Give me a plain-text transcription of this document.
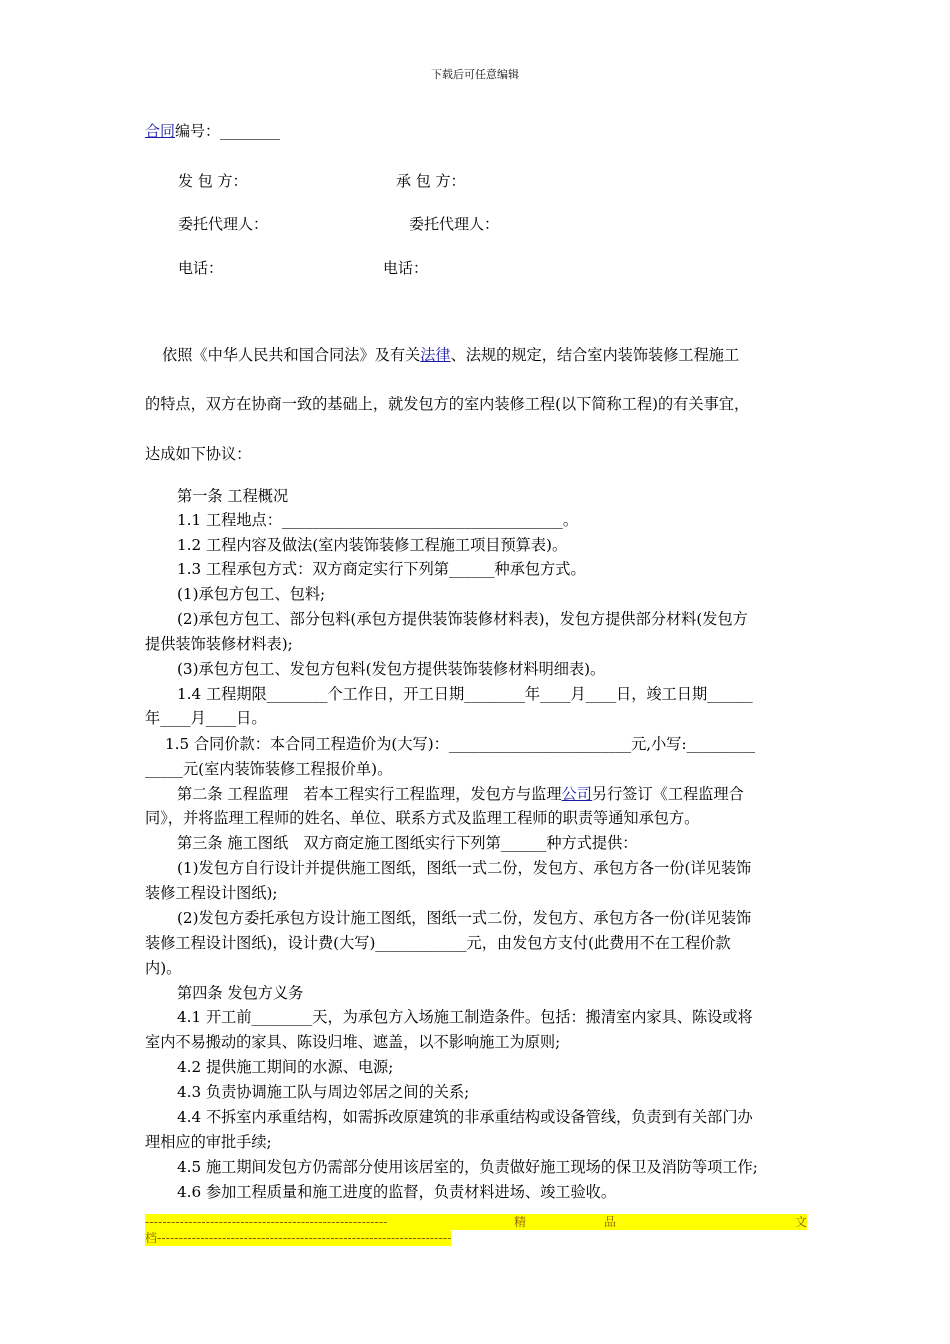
下载后可任意编辑
合同编号：________
发 包 方：	承 包 方：
委托代理人：	委托代理人：
电话：	电话：
依照《中华人民共和国合同法》及有关法律、法规的规定，结合室内装饰装修工程施工
的特点，双方在协商一致的基础上，就发包方的室内装修工程(以下简称工程)的有关事宜，
达成如下协议：
第一条 工程概况
1.1 工程地点：_____________________________________。
1.2 工程内容及做法(室内装饰装修工程施工项目预算表)。
1.3 工程承包方式：双方商定实行下列第______种承包方式。
(1)承包方包工、包料;
(2)承包方包工、部分包料(承包方提供装饰装修材料表)，发包方提供部分材料(发包方
提供装饰装修材料表);
(3)承包方包工、发包方包料(发包方提供装饰装修材料明细表)。
1.4 工程期限________个工作日，开工日期________年____月____日，竣工日期______
年____月____日。
1.5 合同价款：本合同工程造价为(大写)：________________________元,小写:_________
_____元(室内装饰装修工程报价单)。
第二条 工程监理　若本工程实行工程监理，发包方与监理公司另行签订《工程监理合
同》，并将监理工程师的姓名、单位、联系方式及监理工程师的职责等通知承包方。
第三条 施工图纸　双方商定施工图纸实行下列第______种方式提供：
(1)发包方自行设计并提供施工图纸，图纸一式二份，发包方、承包方各一份(详见装饰
装修工程设计图纸);
(2)发包方委托承包方设计施工图纸，图纸一式二份，发包方、承包方各一份(详见装饰
装修工程设计图纸)，设计费(大写)____________元，由发包方支付(此费用不在工程价款
内)。
第四条 发包方义务
4.1 开工前________天，为承包方入场施工制造条件。包括：搬清室内家具、陈设或将
室内不易搬动的家具、陈设归堆、遮盖，以不影响施工为原则;
4.2 提供施工期间的水源、电源;
4.3 负责协调施工队与周边邻居之间的关系;
4.4 不拆室内承重结构，如需拆改原建筑的非承重结构或设备管线，负责到有关部门办
理相应的审批手续;
4.5 施工期间发包方仍需部分使用该居室的，负责做好施工现场的保卫及消防等项工作;
4.6 参加工程质量和施工进度的监督，负责材料进场、竣工验收。
--------------------------------------------------------	精	品	文
档--------------------------------------------------------------------
